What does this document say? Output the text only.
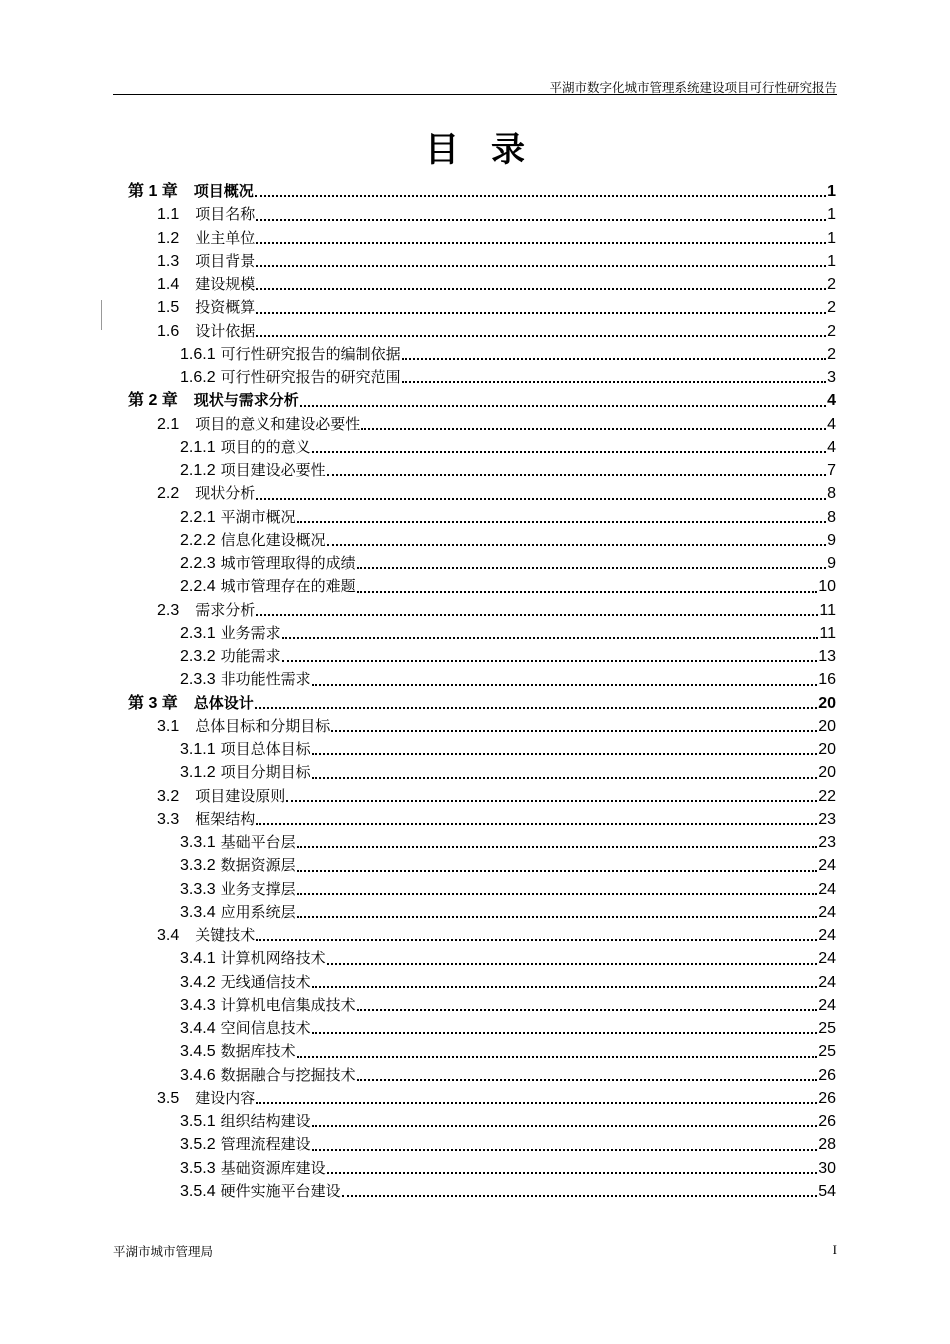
平湖市数字化城市管理系统建设项目可行性研究报告
目录
第 1 章 项目概况	1
1.1 项目名称	1
1.2 业主单位	1
1.3 项目背景	1
1.4 建设规模	2
1.5 投资概算	2
1.6 设计依据	2
1.6.1 可行性研究报告的编制依据	2
1.6.2 可行性研究报告的研究范围	3
第 2 章 现状与需求分析	4
2.1 项目的意义和建设必要性	4
2.1.1 项目的的意义	4
2.1.2 项目建设必要性	7
2.2 现状分析	8
2.2.1 平湖市概况	8
2.2.2 信息化建设概况	9
2.2.3 城市管理取得的成绩	9
2.2.4 城市管理存在的难题	10
2.3 需求分析	11
2.3.1 业务需求	11
2.3.2 功能需求	13
2.3.3 非功能性需求	16
第 3 章 总体设计	20
3.1 总体目标和分期目标	20
3.1.1 项目总体目标	20
3.1.2 项目分期目标	20
3.2 项目建设原则	22
3.3 框架结构	23
3.3.1 基础平台层	23
3.3.2 数据资源层	24
3.3.3 业务支撑层	24
3.3.4 应用系统层	24
3.4 关键技术	24
3.4.1 计算机网络技术	24
3.4.2 无线通信技术	24
3.4.3 计算机电信集成技术	24
3.4.4 空间信息技术	25
3.4.5 数据库技术	25
3.4.6 数据融合与挖掘技术	26
3.5 建设内容	26
3.5.1 组织结构建设	26
3.5.2 管理流程建设	28
3.5.3 基础资源库建设	30
3.5.4 硬件实施平台建设	54
平湖市城市管理局	I
